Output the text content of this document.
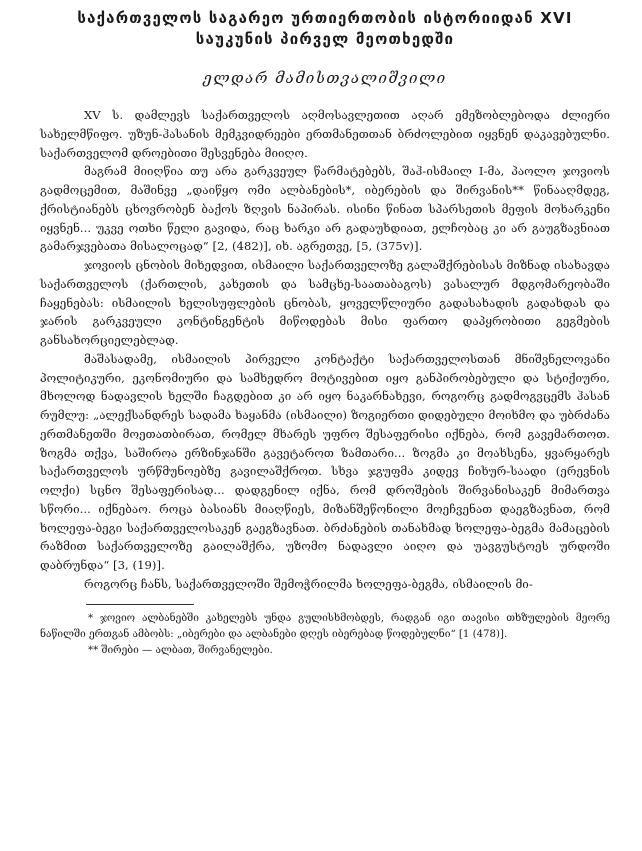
საქართველოს საგარეო ურთიერთობის ისტორიიდან XVI
საუკუნის პირველ მეოთხედში
ელდარ მამისთვალიშვილი

XV ს. დამლევს საქართველოს აღმოსავლეთით აღარ ემეზობლებოდა ძლიერი სახელმწიფო. უზუნ-ჰასანის მემკვიდრეები ერთმანეთთან ბრძოლებით იყვნენ დაკავებულნი. საქართველომ დროებითი შესვენება მიიღო.

მაგრამ მიიღწია თუ არა გარკვეულ წარმატებებს, შაჰ-ისმაილ I-მა, პაოლო ჯოვიოს გადმოცემით, მაშინვე „დაიწყო ომი ალბანების*, იბერების და შირვანის** წინააღმდეგ, ქრისტიანებს ცხოვრობენ ბაქოს ზღვის ნაპირას. ისინი წინათ სპარსეთის მეფის მოხარკენი იყვნენ... უკვე ოთხი წელი გავიდა, რაც ხარკი არ გადაუხდიათ, ელჩობაც კი არ გაუგზავნიათ გამარჯვებათა მისალოცად“ [2, (482)], იხ. აგრეთვე, [5, (375v)].

ჯოვიოს ცნობის მიხედვით, ისმაილი საქართველოზე გალაშქრებისას მიზნად ისახავდა საქართველოს (ქართლის, კახეთის და სამცხე-საათაბაგოს) ვასალურ მდგომარეობაში ჩაყენებას: ისმაილის ხელისუფლების ცნობას, ყოველწლიური გადასახადის გადახდას და ჯარის გარკვეული კონტინგენტის მიწოდებას მისი ფართო დაპყრობითი გეგმების განსახორციელებლად.

მაშასადამე, ისმაილის პირველი კონტაქტი საქართველოსთან მნიშვნელოვანი პოლიტიკური, ეკონომიური და სამხედრო მოტივებით იყო განპირობებული და სტიქიური, მხოლოდ ნადავლის ხელში ჩაგდებით კი არ იყო ნაკარნახევი, როგორც გადმოგვცემს ჰასან რუმლუ: „ალექსანდრეს სადამა ხაყანმა (ისმაილი) ზოგიერთი დიდებული მოიხმო და უბრძანა ერთმანეთში მოეთათბირათ, რომელ მხარეს უფრო შესაფერისი იქნება, რომ გავემართოთ. ზოგმა თქვა, საშიროა ერზინჯანში გავეტაროთ ზამთარი... ზოგმა კი მოახსენა, ყვარყარეს საქართველოს ურწმუნოებზე გავილაშქროთ. სხვა ჯგუფმა კიდევ ჩიხურ-საადი (ერევნის ოლქი) სცნო შესაფერისად... დადგენილ იქნა, რომ დროშების შირვანისაკენ მიმართვა სწორი... იქნებაო. როცა ბასიანს მიაღწიეს, მიზანშეწონილი მოეჩვენათ დაეგზავნათ, რომ ხოლეფა-ბეგი საქართველოსაკენ გაეგზავნათ. ბრძანების თანახმად ხოლეფა-ბეგმა მამაცების რაზმით საქართველოზე გაილაშქრა, უზომო ნადავლი აიღო და უავგუსტოეს ურდოში დაბრუნდა“ [3, (19)].

როგორც ჩანს, საქართველოში შემოჭრილმა ხოლეფა-ბეგმა, ისმაილის მი-

* ჯოვიო ალბანებში კახელებს უნდა გულისხმობდეს, რადგან იგი თავისი თხზულების მეორე ნაწილში ერთგან ამბობს: „იბერები და ალბანები დღეს იბერებად წოდებულნი“ [1 (478)].

** შირები — ალბათ, შირვანელები.
